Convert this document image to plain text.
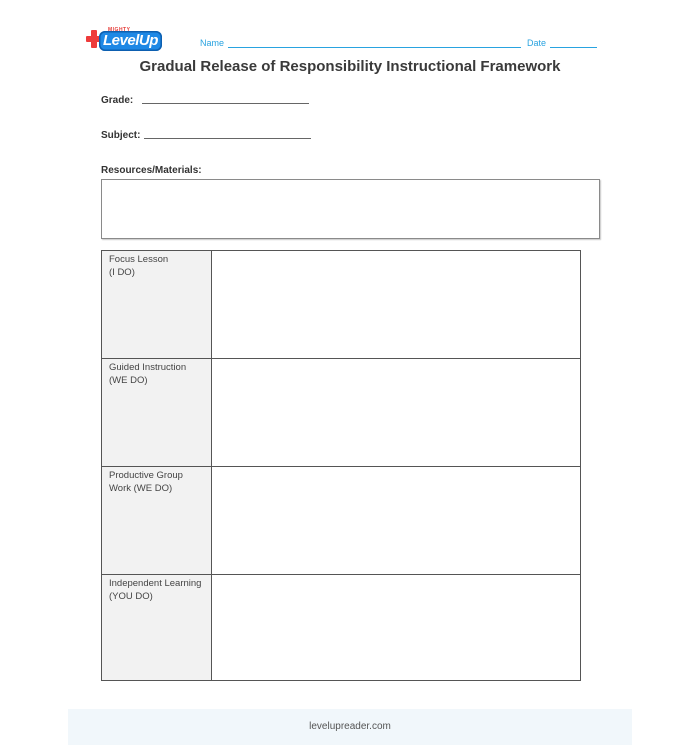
LevelUp
MIGHTY
Name	Date
Gradual Release of Responsibility Instructional Framework
Grade:
Subject:
Resources/Materials:
Focus Lesson
(I DO)
Guided Instruction
(WE DO)
Productive Group
Work (WE DO)
Independent Learning
(YOU DO)
levelupreader.com
